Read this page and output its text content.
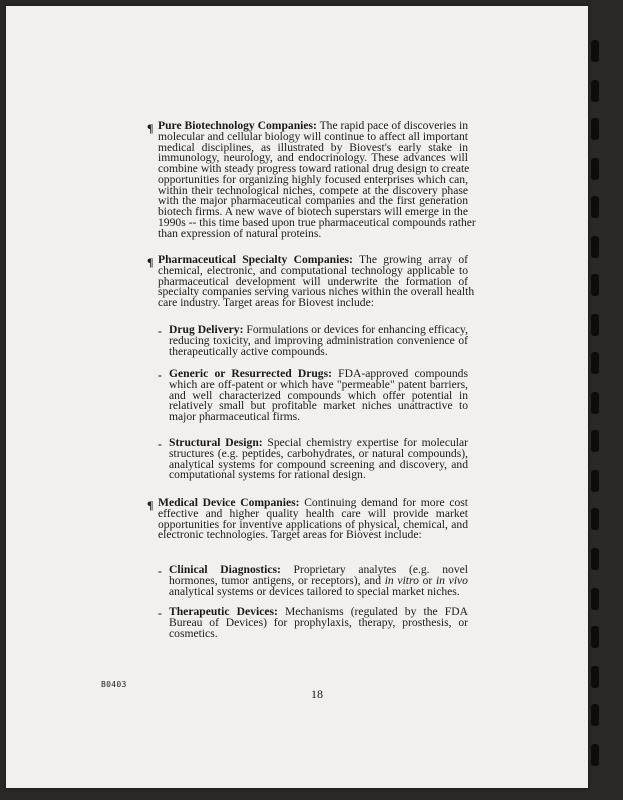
¶ Pure Biotechnology Companies: The rapid pace of discoveries in
molecular and cellular biology will continue to affect all important
medical disciplines, as illustrated by Biovest's early stake in
immunology, neurology, and endocrinology. These advances will
combine with steady progress toward rational drug design to create
opportunities for organizing highly focused enterprises which can,
within their technological niches, compete at the discovery phase
with the major pharmaceutical companies and the first generation
biotech firms. A new wave of biotech superstars will emerge in the
1990s -- this time based upon true pharmaceutical compounds rather
than expression of natural proteins.
¶ Pharmaceutical Specialty Companies: The growing array of
chemical, electronic, and computational technology applicable to
pharmaceutical development will underwrite the formation of
specialty companies serving various niches within the overall health
care industry. Target areas for Biovest include:
- Drug Delivery: Formulations or devices for enhancing efficacy,
reducing toxicity, and improving administration convenience of
therapeutically active compounds.
- Generic or Resurrected Drugs: FDA-approved compounds
which are off-patent or which have "permeable" patent barriers,
and well characterized compounds which offer potential in
relatively small but profitable market niches unattractive to
major pharmaceutical firms.
- Structural Design: Special chemistry expertise for molecular
structures (e.g. peptides, carbohydrates, or natural compounds),
analytical systems for compound screening and discovery, and
computational systems for rational design.
¶ Medical Device Companies: Continuing demand for more cost
effective and higher quality health care will provide market
opportunities for inventive applications of physical, chemical, and
electronic technologies. Target areas for Biovest include:
- Clinical Diagnostics: Proprietary analytes (e.g. novel
hormones, tumor antigens, or receptors), and in vitro or in vivo
analytical systems or devices tailored to special market niches.
- Therapeutic Devices: Mechanisms (regulated by the FDA
Bureau of Devices) for prophylaxis, therapy, prosthesis, or
cosmetics.
B0403
18
